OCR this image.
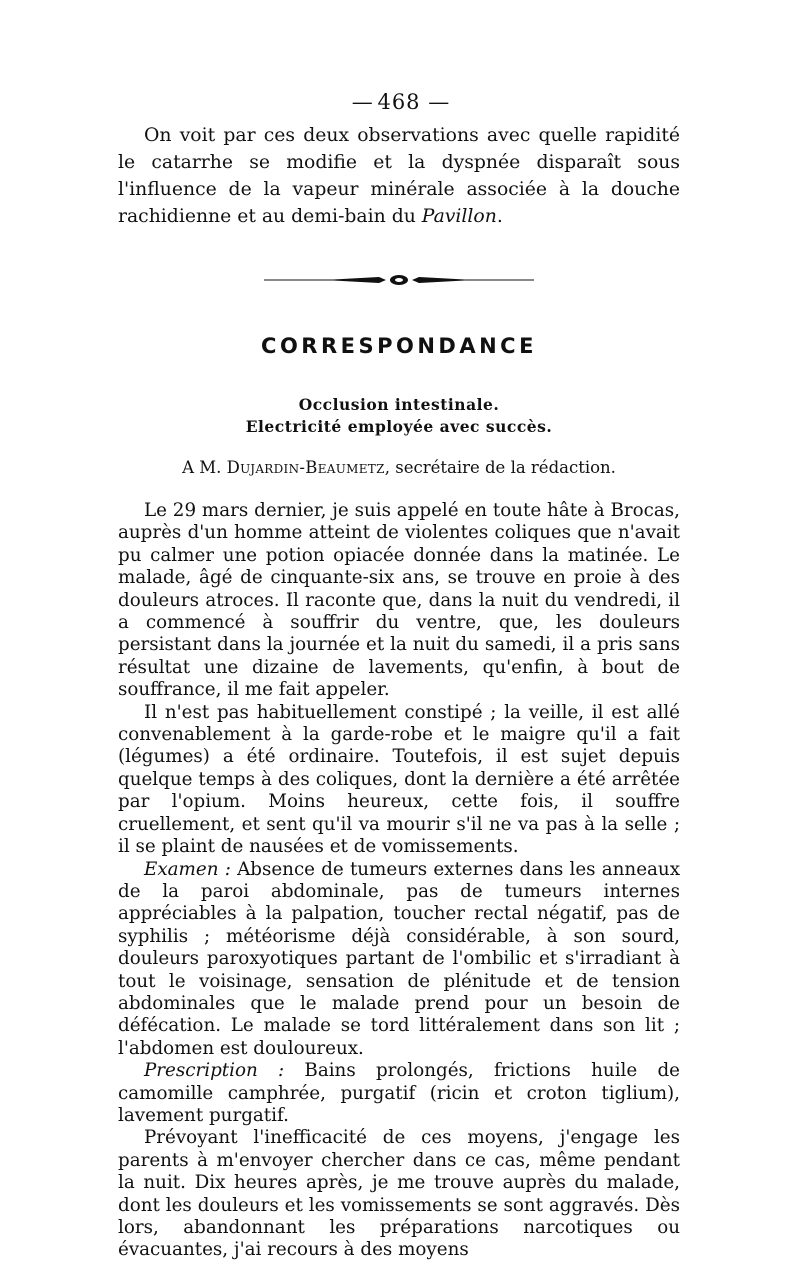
— 468 —

On voit par ces deux observations avec quelle rapidité le catarrhe se modifie et la dyspnée disparaît sous l'influence de la vapeur minérale associée à la douche rachidienne et au demi-bain du Pavillon.

CORRESPONDANCE

Occlusion intestinale.

Electricité employée avec succès.

A M. Dujardin-Beaumetz, secrétaire de la rédaction.

Le 29 mars dernier, je suis appelé en toute hâte à Brocas, auprès d'un homme atteint de violentes coliques que n'avait pu calmer une potion opiacée donnée dans la matinée. Le malade, âgé de cinquante-six ans, se trouve en proie à des douleurs atroces. Il raconte que, dans la nuit du vendredi, il a commencé à souffrir du ventre, que, les douleurs persistant dans la journée et la nuit du samedi, il a pris sans résultat une dizaine de lavements, qu'enfin, à bout de souffrance, il me fait appeler.

Il n'est pas habituellement constipé ; la veille, il est allé convenablement à la garde-robe et le maigre qu'il a fait (légumes) a été ordinaire. Toutefois, il est sujet depuis quelque temps à des coliques, dont la dernière a été arrêtée par l'opium. Moins heureux, cette fois, il souffre cruellement, et sent qu'il va mourir s'il ne va pas à la selle ; il se plaint de nausées et de vomissements.

Examen : Absence de tumeurs externes dans les anneaux de la paroi abdominale, pas de tumeurs internes appréciables à la palpation, toucher rectal négatif, pas de syphilis ; météorisme déjà considérable, à son sourd, douleurs paroxyotiques partant de l'ombilic et s'irradiant à tout le voisinage, sensation de plénitude et de tension abdominales que le malade prend pour un besoin de défécation. Le malade se tord littéralement dans son lit ; l'abdomen est douloureux.

Prescription : Bains prolongés, frictions huile de camomille camphrée, purgatif (ricin et croton tiglium), lavement purgatif.

Prévoyant l'inefficacité de ces moyens, j'engage les parents à m'envoyer chercher dans ce cas, même pendant la nuit. Dix heures après, je me trouve auprès du malade, dont les douleurs et les vomissements se sont aggravés. Dès lors, abandonnant les préparations narcotiques ou évacuantes, j'ai recours à des moyens
